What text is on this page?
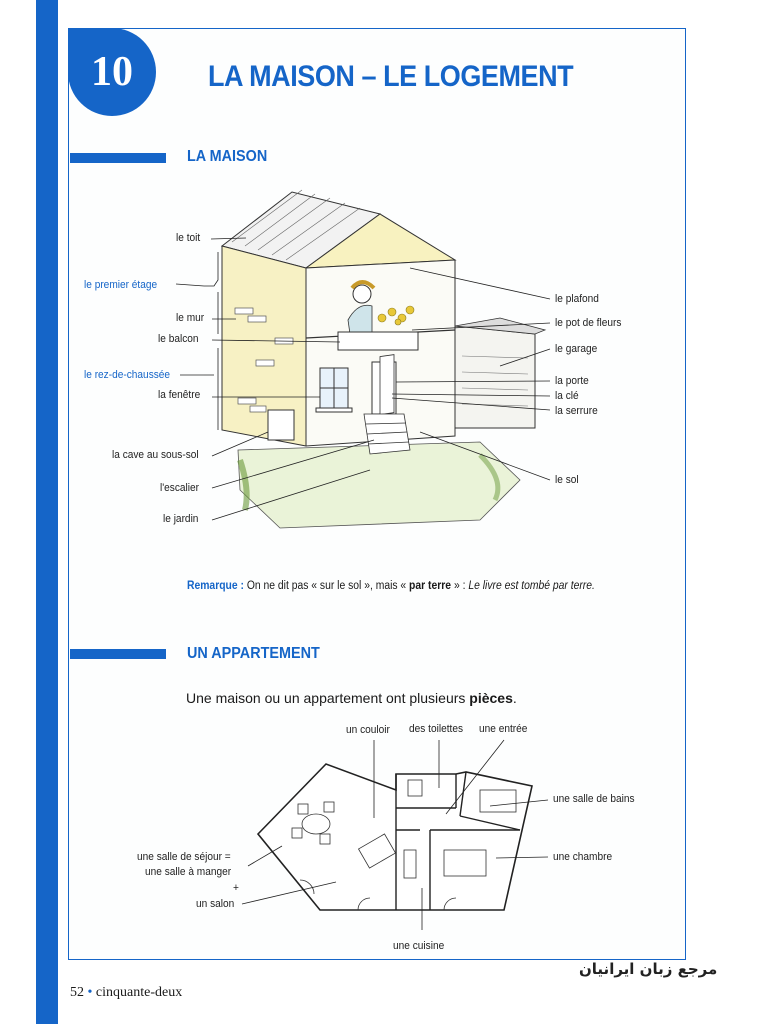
10	LA MAISON – LE LOGEMENT
LA MAISON
le toit
le premier étage
le mur
le balcon
le rez-de-chaussée
la fenêtre
la cave au sous-sol
l'escalier
le jardin
le plafond
le pot de fleurs
le garage
la porte
la clé
la serrure
le sol
Remarque : On ne dit pas « sur le sol », mais « par terre » : Le livre est tombé par terre.
UN APPARTEMENT
Une maison ou un appartement ont plusieurs pièces.
un couloir des toilettes une entrée
une salle de bains
une salle de séjour =
une salle à manger
+
un salon
une chambre
une cuisine
52 • cinquante-deux
مرجع زبان ایرانیان
